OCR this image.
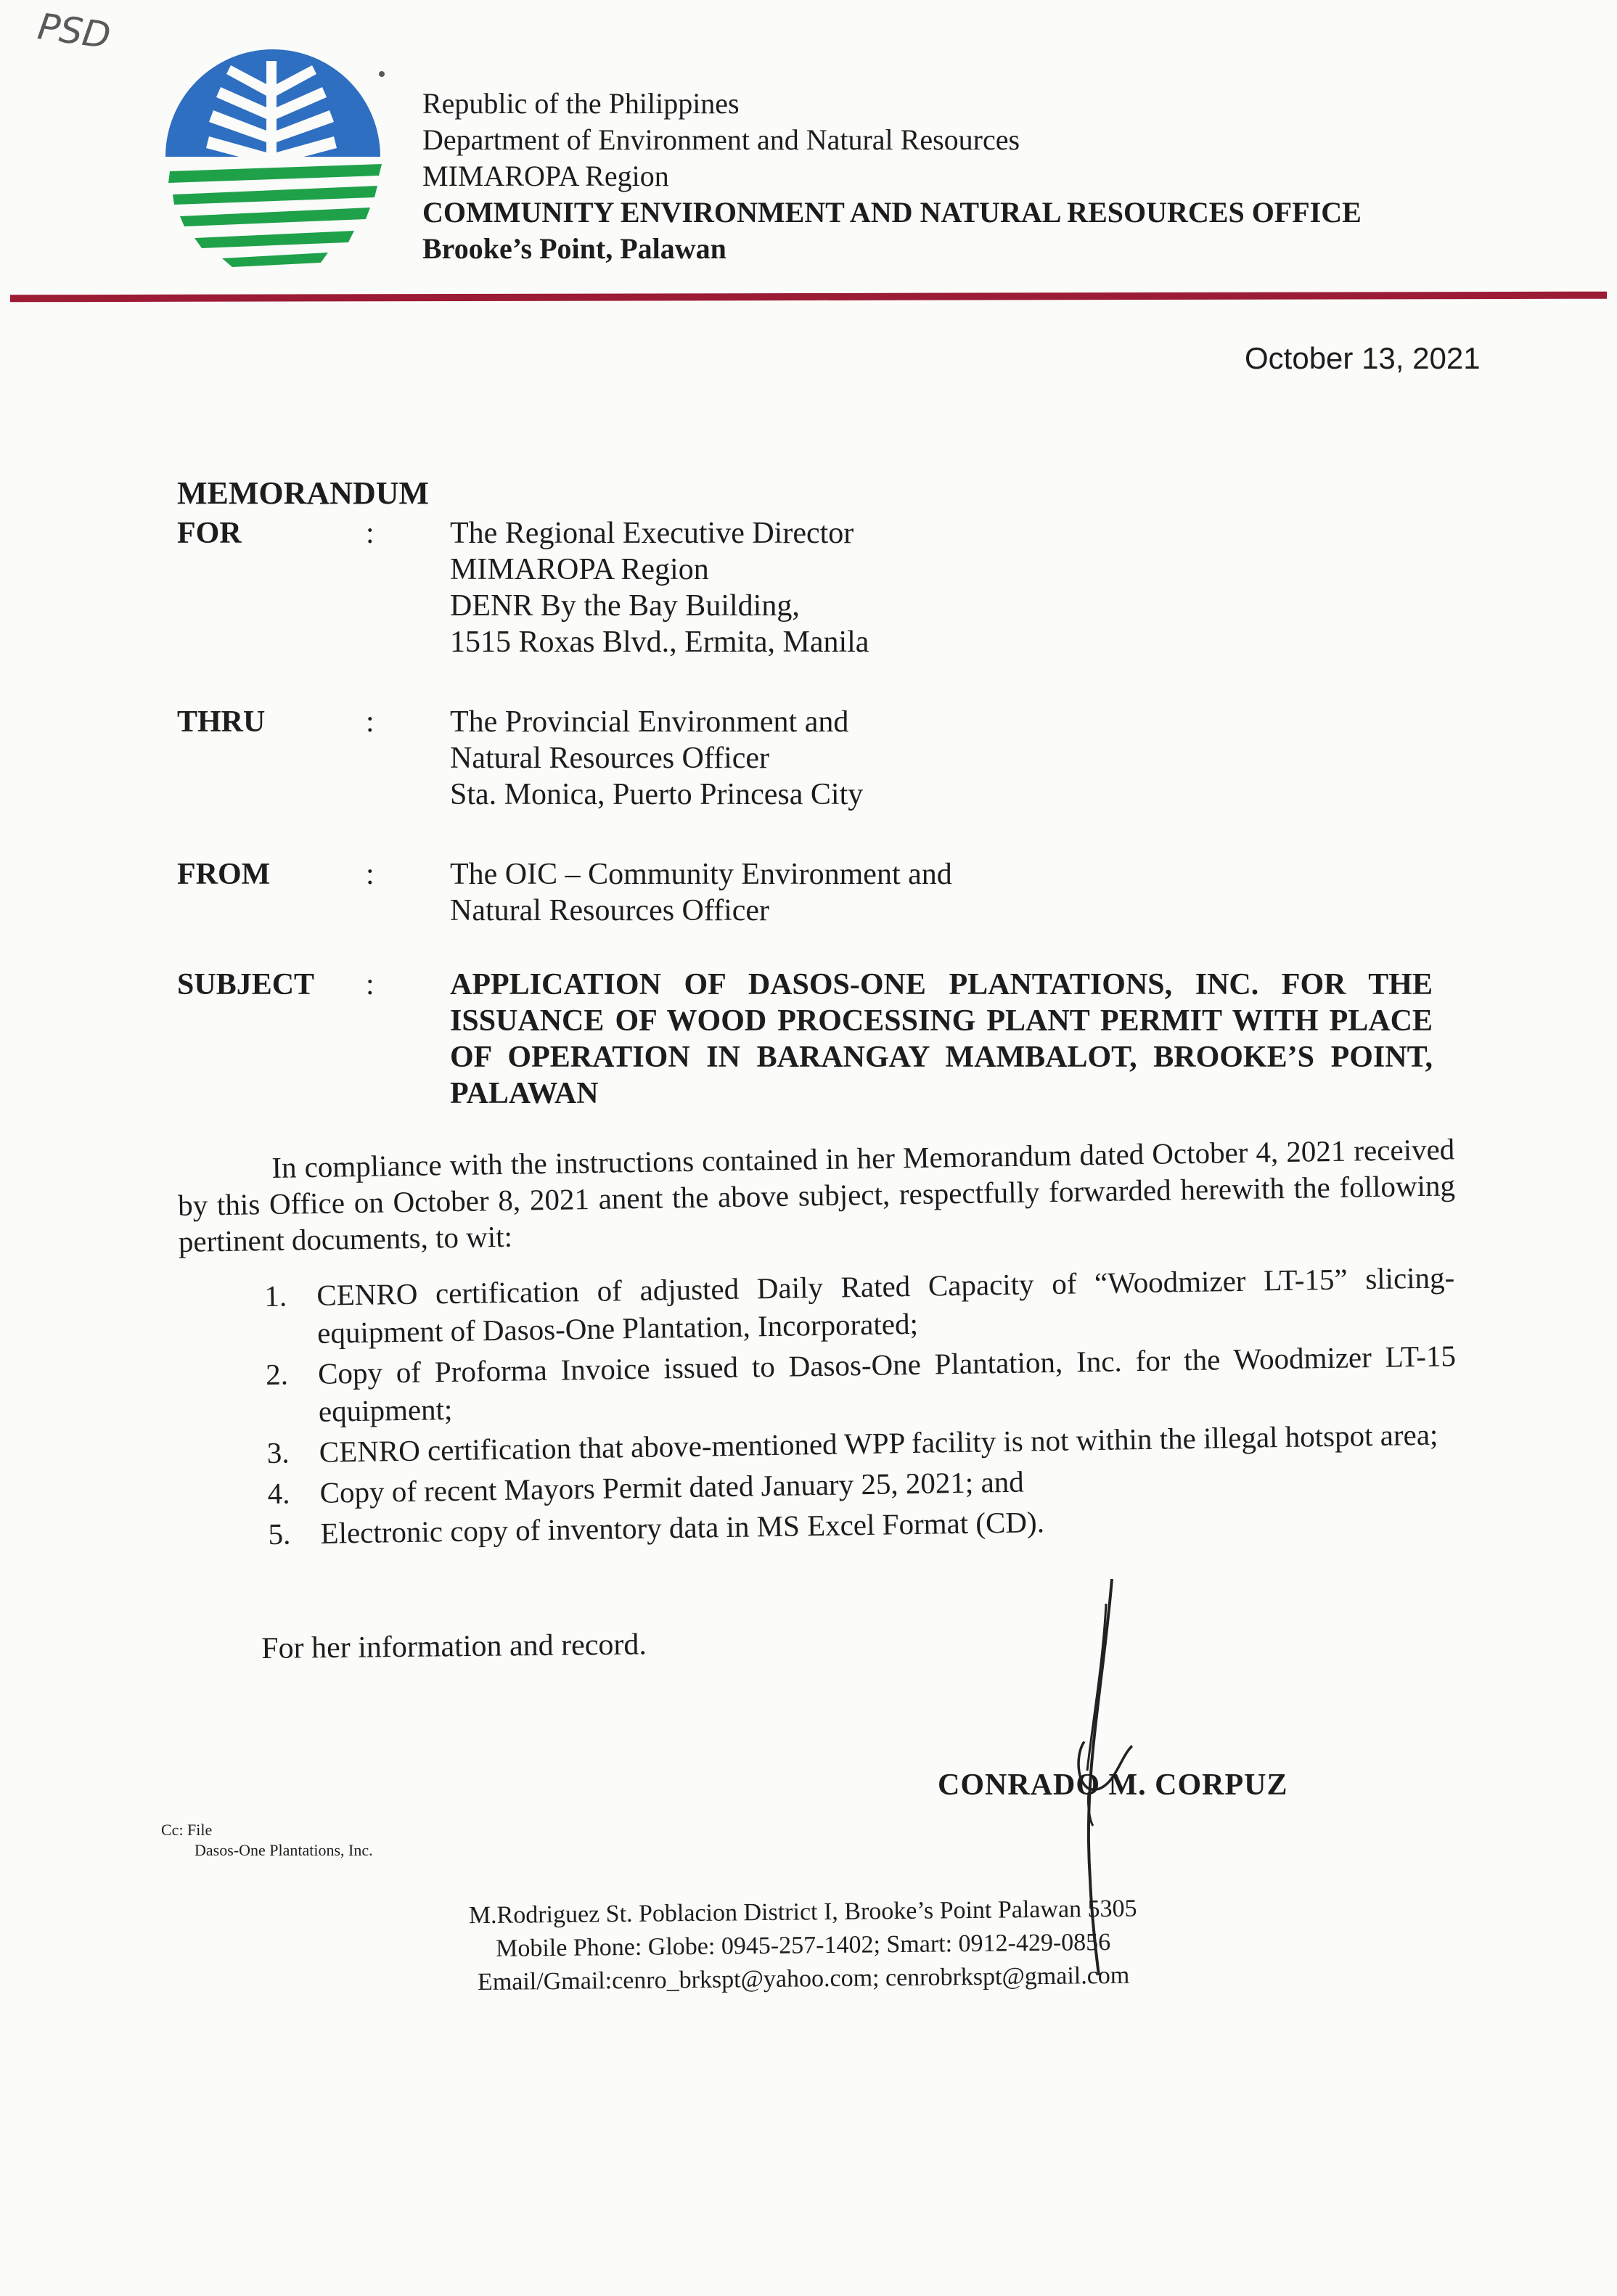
PSD
Republic of the Philippines
Department of Environment and Natural Resources
MIMAROPA Region
COMMUNITY ENVIRONMENT AND NATURAL RESOURCES OFFICE
Brooke’s Point, Palawan
October 13, 2021
MEMORANDUM
FOR	: The Regional Executive Director
MIMAROPA Region
DENR By the Bay Building,
1515 Roxas Blvd., Ermita, Manila
THRU	: The Provincial Environment and
Natural Resources Officer
Sta. Monica, Puerto Princesa City
FROM	: The OIC – Community Environment and
Natural Resources Officer
SUBJECT : APPLICATION OF DASOS-ONE PLANTATIONS, INC. FOR THE ISSUANCE OF WOOD PROCESSING PLANT PERMIT WITH PLACE OF OPERATION IN BARANGAY MAMBALOT, BROOKE’S POINT, PALAWAN
In compliance with the instructions contained in her Memorandum dated October 4, 2021 received by this Office on October 8, 2021 anent the above subject, respectfully forwarded herewith the following pertinent documents, to wit:
1. CENRO certification of adjusted Daily Rated Capacity of “Woodmizer LT-15” slicing-equipment of Dasos-One Plantation, Incorporated;
2. Copy of Proforma Invoice issued to Dasos-One Plantation, Inc. for the Woodmizer LT-15 equipment;
3. CENRO certification that above-mentioned WPP facility is not within the illegal hotspot area;
4. Copy of recent Mayors Permit dated January 25, 2021; and
5. Electronic copy of inventory data in MS Excel Format (CD).
For her information and record.
CONRADO M. CORPUZ
Cc: File
Dasos-One Plantations, Inc.
M.Rodriguez St. Poblacion District I, Brooke’s Point Palawan 5305
Mobile Phone: Globe: 0945-257-1402; Smart: 0912-429-0856
Email/Gmail:cenro_brkspt@yahoo.com; cenrobrkspt@gmail.com
